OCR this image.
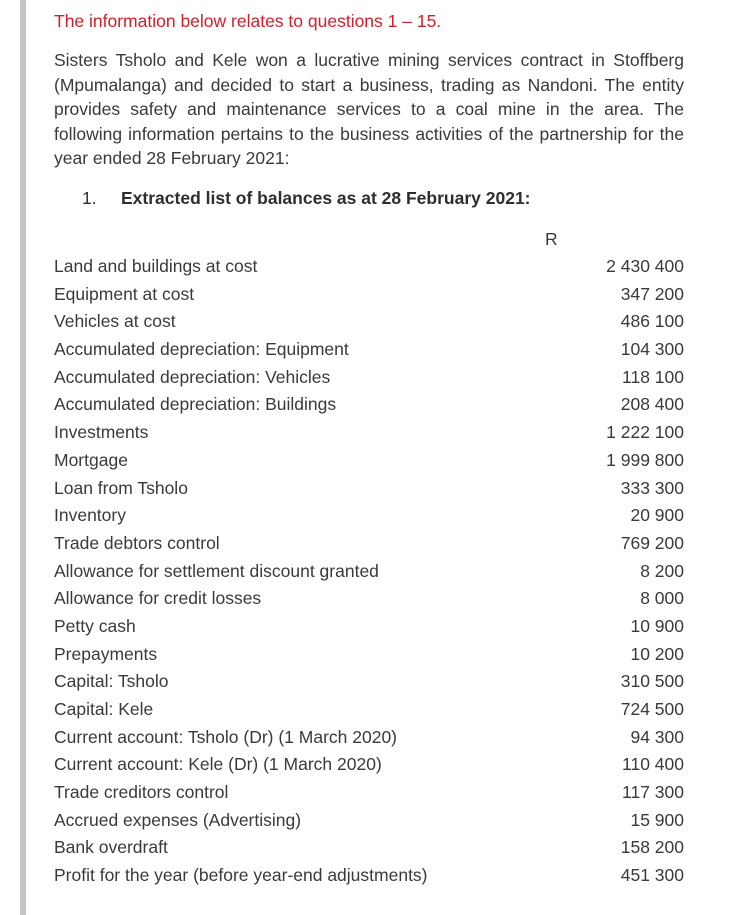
The information below relates to questions 1 – 15.
Sisters Tsholo and Kele won a lucrative mining services contract in Stoffberg (Mpumalanga) and decided to start a business, trading as Nandoni. The entity provides safety and maintenance services to a coal mine in the area. The following information pertains to the business activities of the partnership for the year ended 28 February 2021:
1. Extracted list of balances as at 28 February 2021:
R
Land and buildings at cost	2 430 400
Equipment at cost	347 200
Vehicles at cost	486 100
Accumulated depreciation: Equipment	104 300
Accumulated depreciation: Vehicles	118 100
Accumulated depreciation: Buildings	208 400
Investments	1 222 100
Mortgage	1 999 800
Loan from Tsholo	333 300
Inventory	20 900
Trade debtors control	769 200
Allowance for settlement discount granted	8 200
Allowance for credit losses	8 000
Petty cash	10 900
Prepayments	10 200
Capital: Tsholo	310 500
Capital: Kele	724 500
Current account: Tsholo (Dr) (1 March 2020)	94 300
Current account: Kele (Dr) (1 March 2020)	110 400
Trade creditors control	117 300
Accrued expenses (Advertising)	15 900
Bank overdraft	158 200
Profit for the year (before year-end adjustments)	451 300
